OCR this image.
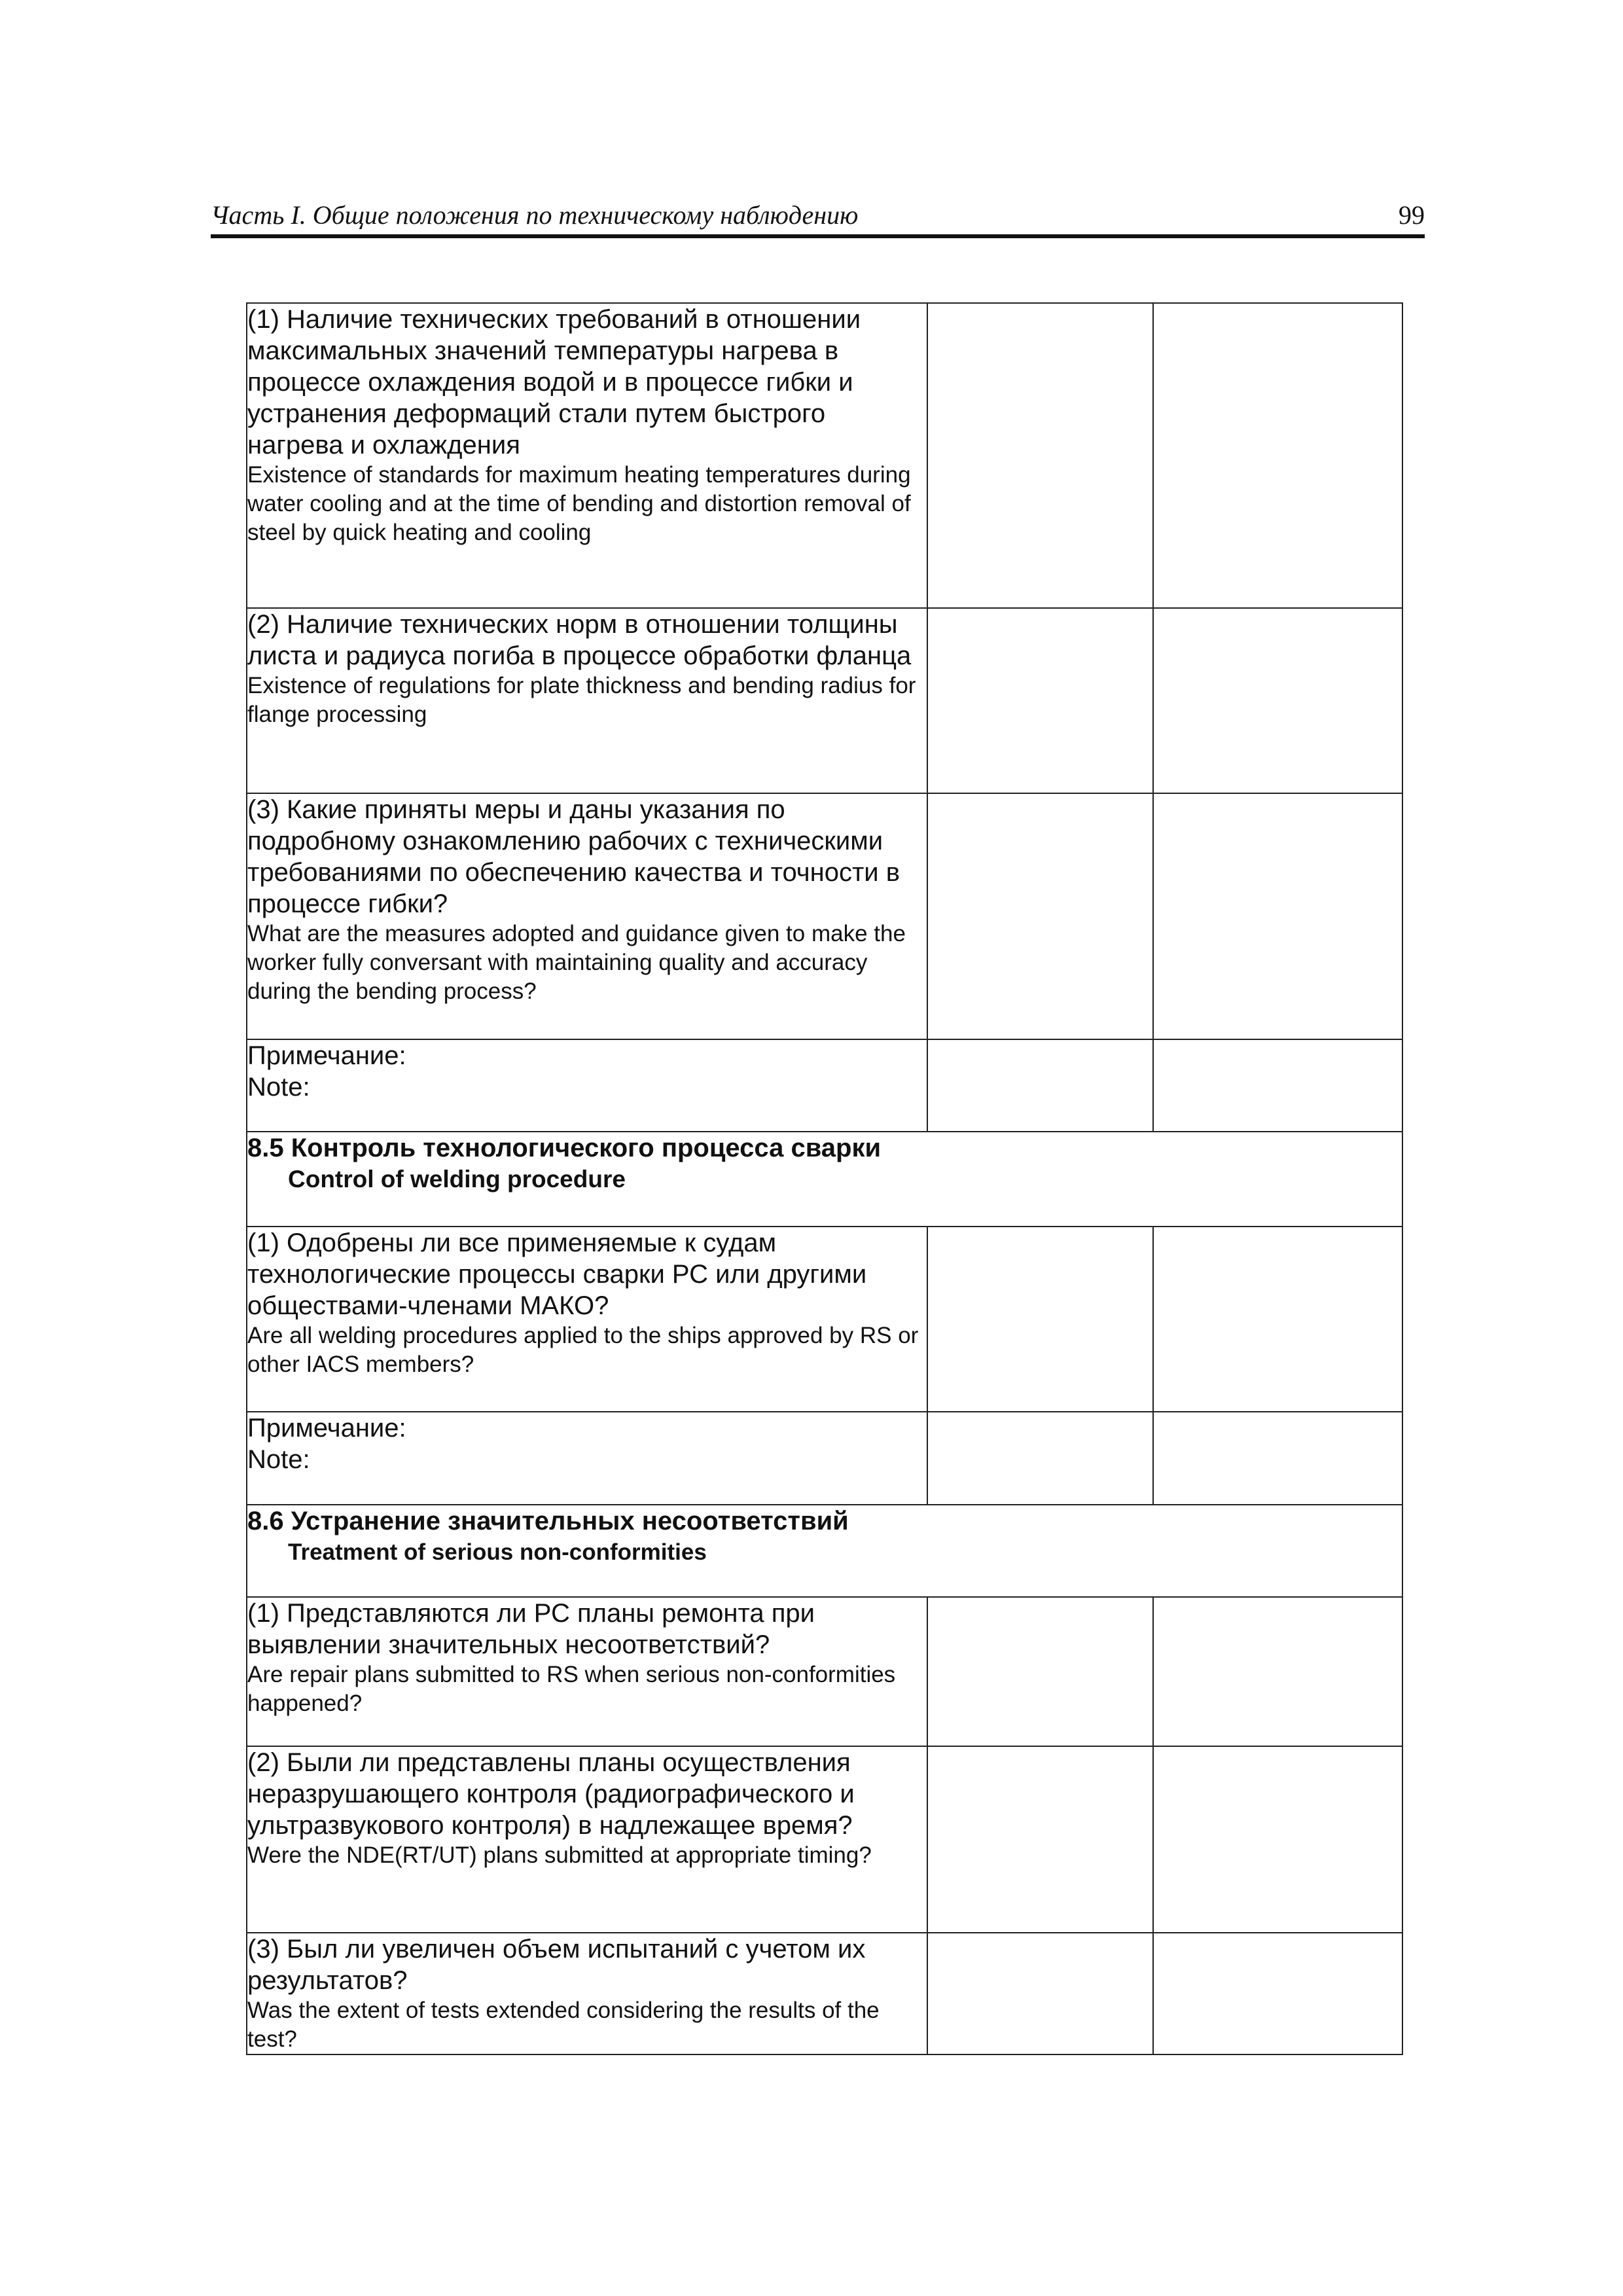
Часть I. Общие положения по техническому наблюдению	99
(1) Наличие технических требований в отношении максимальных значений температуры нагрева в процессе охлаждения водой и в процессе гибки и устранения деформаций стали путем быстрого нагрева и охлаждения
Existence of standards for maximum heating temperatures during water cooling and at the time of bending and distortion removal of steel by quick heating and cooling		

(2) Наличие технических норм в отношении толщины листа и радиуса погиба в процессе обработки фланца
Existence of regulations for plate thickness and bending radius for flange processing		

(3) Какие приняты меры и даны указания по подробному ознакомлению рабочих с техническими требованиями по обеспечению качества и точности в процессе гибки?
What are the measures adopted and guidance given to make the worker fully conversant with maintaining quality and accuracy during the bending process?		

Примечание:
Note:		

8.5 Контроль технологического процесса сварки
Control of welding procedure		

(1) Одобрены ли все применяемые к судам технологические процессы сварки РС или другими обществами-членами МАКО?
Are all welding procedures applied to the ships approved by RS or other IACS members?		

Примечание:
Note:		

8.6 Устранение значительных несоответствий
Treatment of serious non-conformities		

(1) Представляются ли РС планы ремонта при выявлении значительных несоответствий?
Are repair plans submitted to RS when serious non-conformities happened?		

(2) Были ли представлены планы осуществления неразрушающего контроля (радиографического и ультразвукового контроля) в надлежащее время?
Were the NDE(RT/UT) plans submitted at appropriate timing?		

(3) Был ли увеличен объем испытаний с учетом их результатов?
Was the extent of tests extended considering the results of the test?		
